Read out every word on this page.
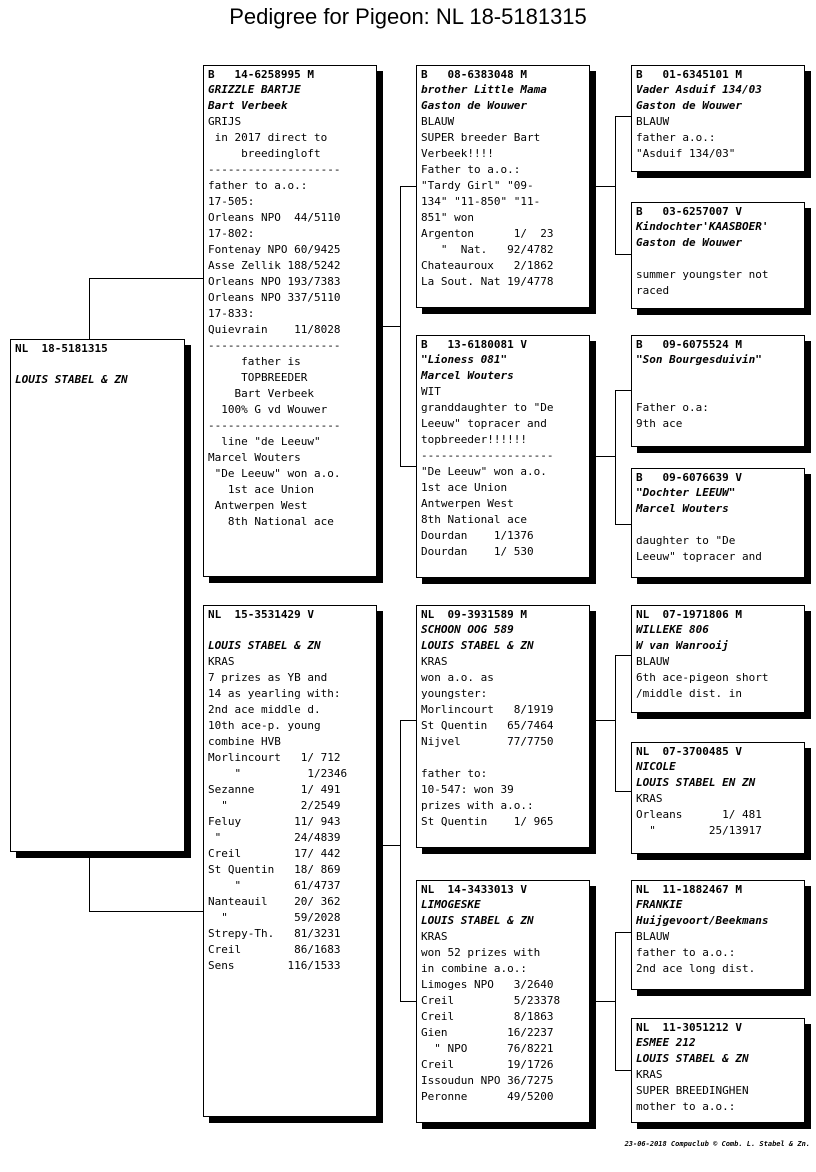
Pedigree for Pigeon: NL 18-5181315
NL  18-5181315
LOUIS STABEL & ZN
B   14-6258995 M
GRIZZLE BARTJE
Bart Verbeek
GRIJS
in 2017 direct to
breedingloft
--------------------
father to a.o.:
17-505:
Orleans NPO  44/5110
17-802:
Fontenay NPO 60/9425
Asse Zellik 188/5242
Orleans NPO 193/7383
Orleans NPO 337/5110
17-833:
Quievrain    11/8028
--------------------
father is
TOPBREEDER
Bart Verbeek
100% G vd Wouwer
--------------------
line "de Leeuw"
Marcel Wouters
"De Leeuw" won a.o.
1st ace Union
Antwerpen West
8th National ace
NL  15-3531429 V
LOUIS STABEL & ZN
KRAS
7 prizes as YB and
14 as yearling with:
2nd ace middle d.
10th ace-p. young
combine HVB
Morlincourt   1/ 712
"          1/2346
Sezanne       1/ 491
"           2/2549
Feluy        11/ 943
"           24/4839
Creil        17/ 442
St Quentin   18/ 869
"        61/4737
Nanteauil    20/ 362
"          59/2028
Strepy-Th.   81/3231
Creil        86/1683
Sens        116/1533
B   08-6383048 M
brother Little Mama
Gaston de Wouwer
BLAUW
SUPER breeder Bart
Verbeek!!!!
Father to a.o.:
"Tardy Girl" "09-
134" "11-850" "11-
851" won
Argenton      1/  23
"  Nat.   92/4782
Chateauroux   2/1862
La Sout. Nat 19/4778
B   13-6180081 V
"Lioness 081"
Marcel Wouters
WIT
granddaughter to "De
Leeuw" topracer and
topbreeder!!!!!!
--------------------
"De Leeuw" won a.o.
1st ace Union
Antwerpen West
8th National ace
Dourdan    1/1376
Dourdan    1/ 530
NL  09-3931589 M
SCHOON OOG 589
LOUIS STABEL & ZN
KRAS
won a.o. as
youngster:
Morlincourt   8/1919
St Quentin   65/7464
Nijvel       77/7750
father to:
10-547: won 39
prizes with a.o.:
St Quentin    1/ 965
NL  14-3433013 V
LIMOGESKE
LOUIS STABEL & ZN
KRAS
won 52 prizes with
in combine a.o.:
Limoges NPO   3/2640
Creil         5/23378
Creil         8/1863
Gien         16/2237
" NPO      76/8221
Creil        19/1726
Issoudun NPO 36/7275
Peronne      49/5200
B   01-6345101 M
Vader Asduif 134/03
Gaston de Wouwer
BLAUW
father a.o.:
"Asduif 134/03"
B   03-6257007 V
Kindochter'KAASBOER'
Gaston de Wouwer
summer youngster not
raced
B   09-6075524 M
"Son Bourgesduivin"
Father o.a:
9th ace
B   09-6076639 V
"Dochter LEEUW"
Marcel Wouters
daughter to "De
Leeuw" topracer and
NL  07-1971806 M
WILLEKE 806
W van Wanrooij
BLAUW
6th ace-pigeon short
/middle dist. in
NL  07-3700485 V
NICOLE
LOUIS STABEL EN ZN
KRAS
Orleans      1/ 481
"        25/13917
NL  11-1882467 M
FRANKIE
Huijgevoort/Beekmans
BLAUW
father to a.o.:
2nd ace long dist.
NL  11-3051212 V
ESMEE 212
LOUIS STABEL & ZN
KRAS
SUPER BREEDINGHEN
mother to a.o.:
23-06-2018 Compuclub © Comb. L. Stabel & Zn.
